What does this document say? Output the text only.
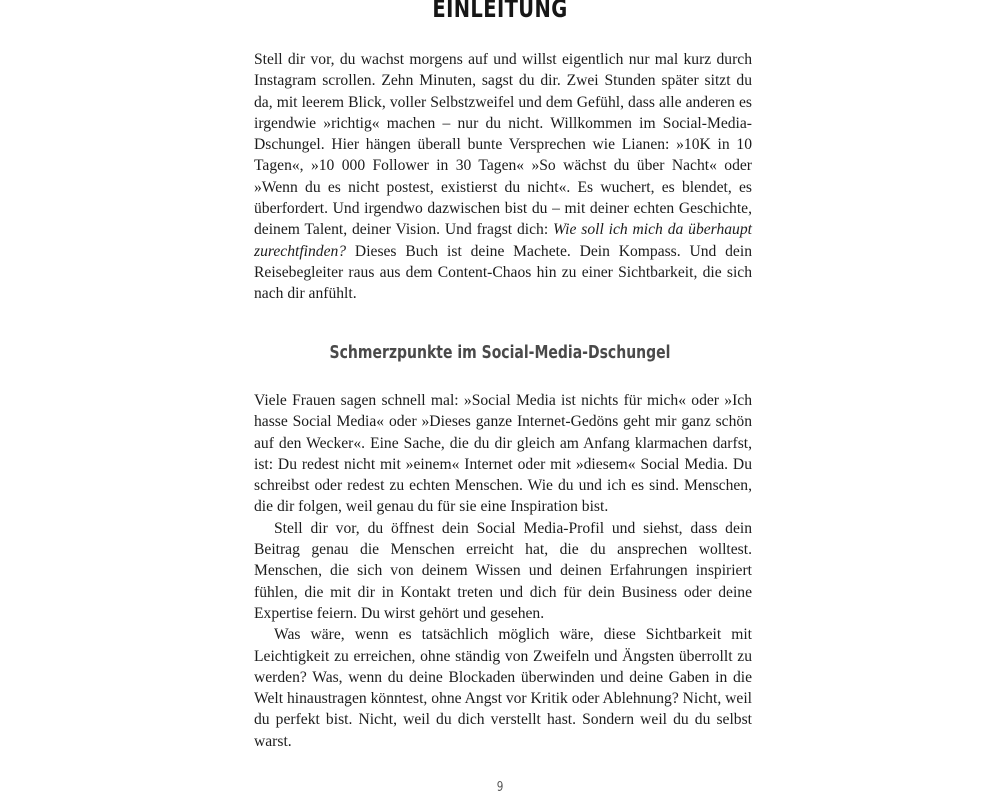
EINLEITUNG

Stell dir vor, du wachst morgens auf und willst eigentlich nur mal kurz durch Instagram scrollen. Zehn Minuten, sagst du dir. Zwei Stunden später sitzt du da, mit leerem Blick, voller Selbstzweifel und dem Gefühl, dass alle anderen es irgendwie »richtig« machen – nur du nicht. Willkommen im Social-Media-Dschungel. Hier hängen überall bunte Versprechen wie Lianen: »10K in 10 Tagen«, »10 000 Follower in 30 Tagen« »So wächst du über Nacht« oder »Wenn du es nicht postest, existierst du nicht«. Es wuchert, es blendet, es überfordert. Und irgendwo dazwischen bist du – mit deiner echten Geschichte, deinem Talent, deiner Vision. Und fragst dich: Wie soll ich mich da überhaupt zurechtfinden? Dieses Buch ist deine Machete. Dein Kompass. Und dein Reisebegleiter raus aus dem Content-Chaos hin zu einer Sichtbarkeit, die sich nach dir anfühlt.

Schmerzpunkte im Social-Media-Dschungel

Viele Frauen sagen schnell mal: »Social Media ist nichts für mich« oder »Ich hasse Social Media« oder »Dieses ganze Internet-Gedöns geht mir ganz schön auf den Wecker«. Eine Sache, die du dir gleich am Anfang klarmachen darfst, ist: Du redest nicht mit »einem« Internet oder mit »diesem« Social Media. Du schreibst oder redest zu echten Menschen. Wie du und ich es sind. Menschen, die dir folgen, weil genau du für sie eine Inspiration bist.

Stell dir vor, du öffnest dein Social Media-Profil und siehst, dass dein Beitrag genau die Menschen erreicht hat, die du ansprechen wolltest. Menschen, die sich von deinem Wissen und deinen Erfahrungen inspiriert fühlen, die mit dir in Kontakt treten und dich für dein Business oder deine Expertise feiern. Du wirst gehört und gesehen.

Was wäre, wenn es tatsächlich möglich wäre, diese Sichtbarkeit mit Leichtigkeit zu erreichen, ohne ständig von Zweifeln und Ängsten überrollt zu werden? Was, wenn du deine Blockaden überwinden und deine Gaben in die Welt hinaustragen könntest, ohne Angst vor Kritik oder Ablehnung? Nicht, weil du perfekt bist. Nicht, weil du dich verstellt hast. Sondern weil du du selbst warst.

9
